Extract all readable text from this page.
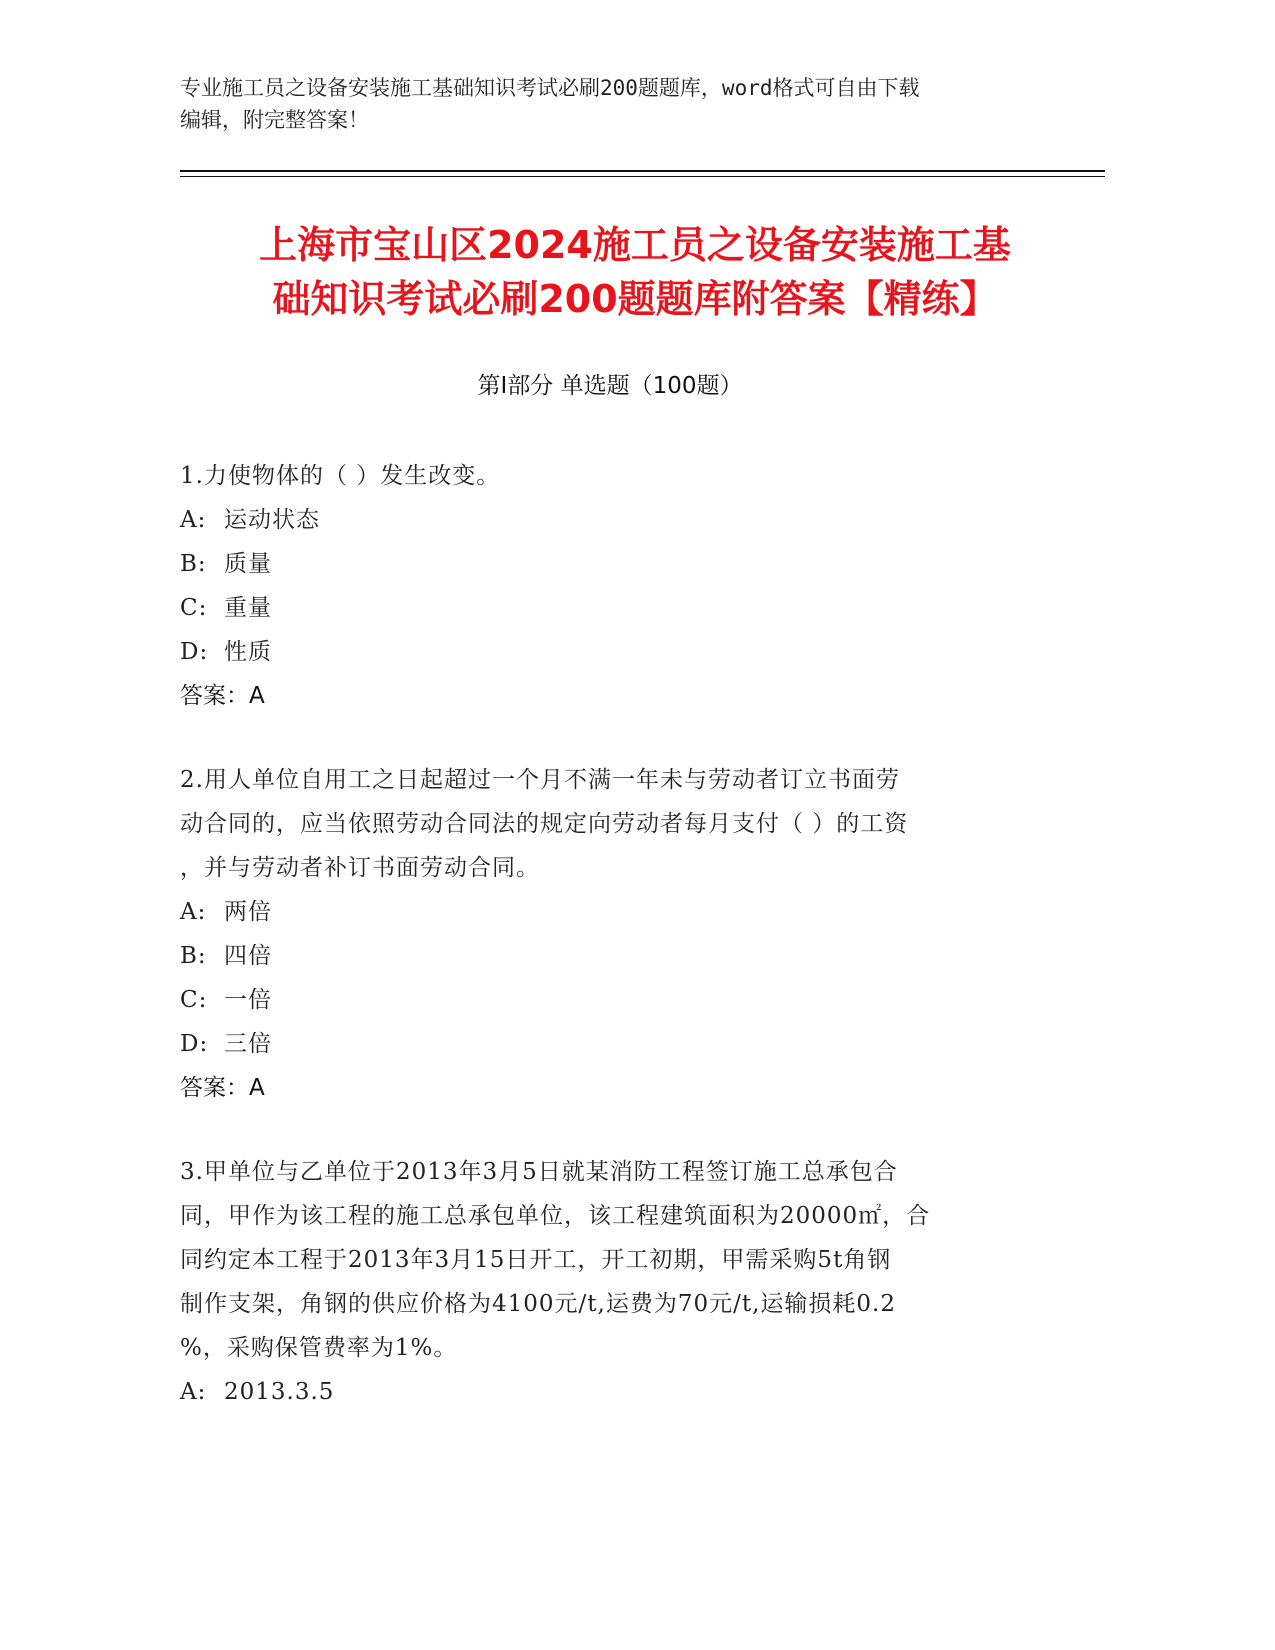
专业施工员之设备安装施工基础知识考试必刷200题题库，word格式可自由下载
编辑，附完整答案！
上海市宝山区2024施工员之设备安装施工基
础知识考试必刷200题题库附答案【精练】
第I部分 单选题（100题）

1.力使物体的（ ）发生改变。

A: 运动状态

B: 质量

C: 重量

D: 性质

答案：A

2.用人单位自用工之日起超过一个月不满一年未与劳动者订立书面劳

动合同的，应当依照劳动合同法的规定向劳动者每月支付（ ）的工资

，并与劳动者补订书面劳动合同。

A: 两倍

B: 四倍

C: 一倍

D: 三倍

答案：A

3.甲单位与乙单位于2013年3月5日就某消防工程签订施工总承包合

同，甲作为该工程的施工总承包单位，该工程建筑面积为20000㎡，合

同约定本工程于2013年3月15日开工，开工初期，甲需采购5t角钢

制作支架，角钢的供应价格为4100元/t,运费为70元/t,运输损耗0.2

%，采购保管费率为1%。

A: 2013.3.5
